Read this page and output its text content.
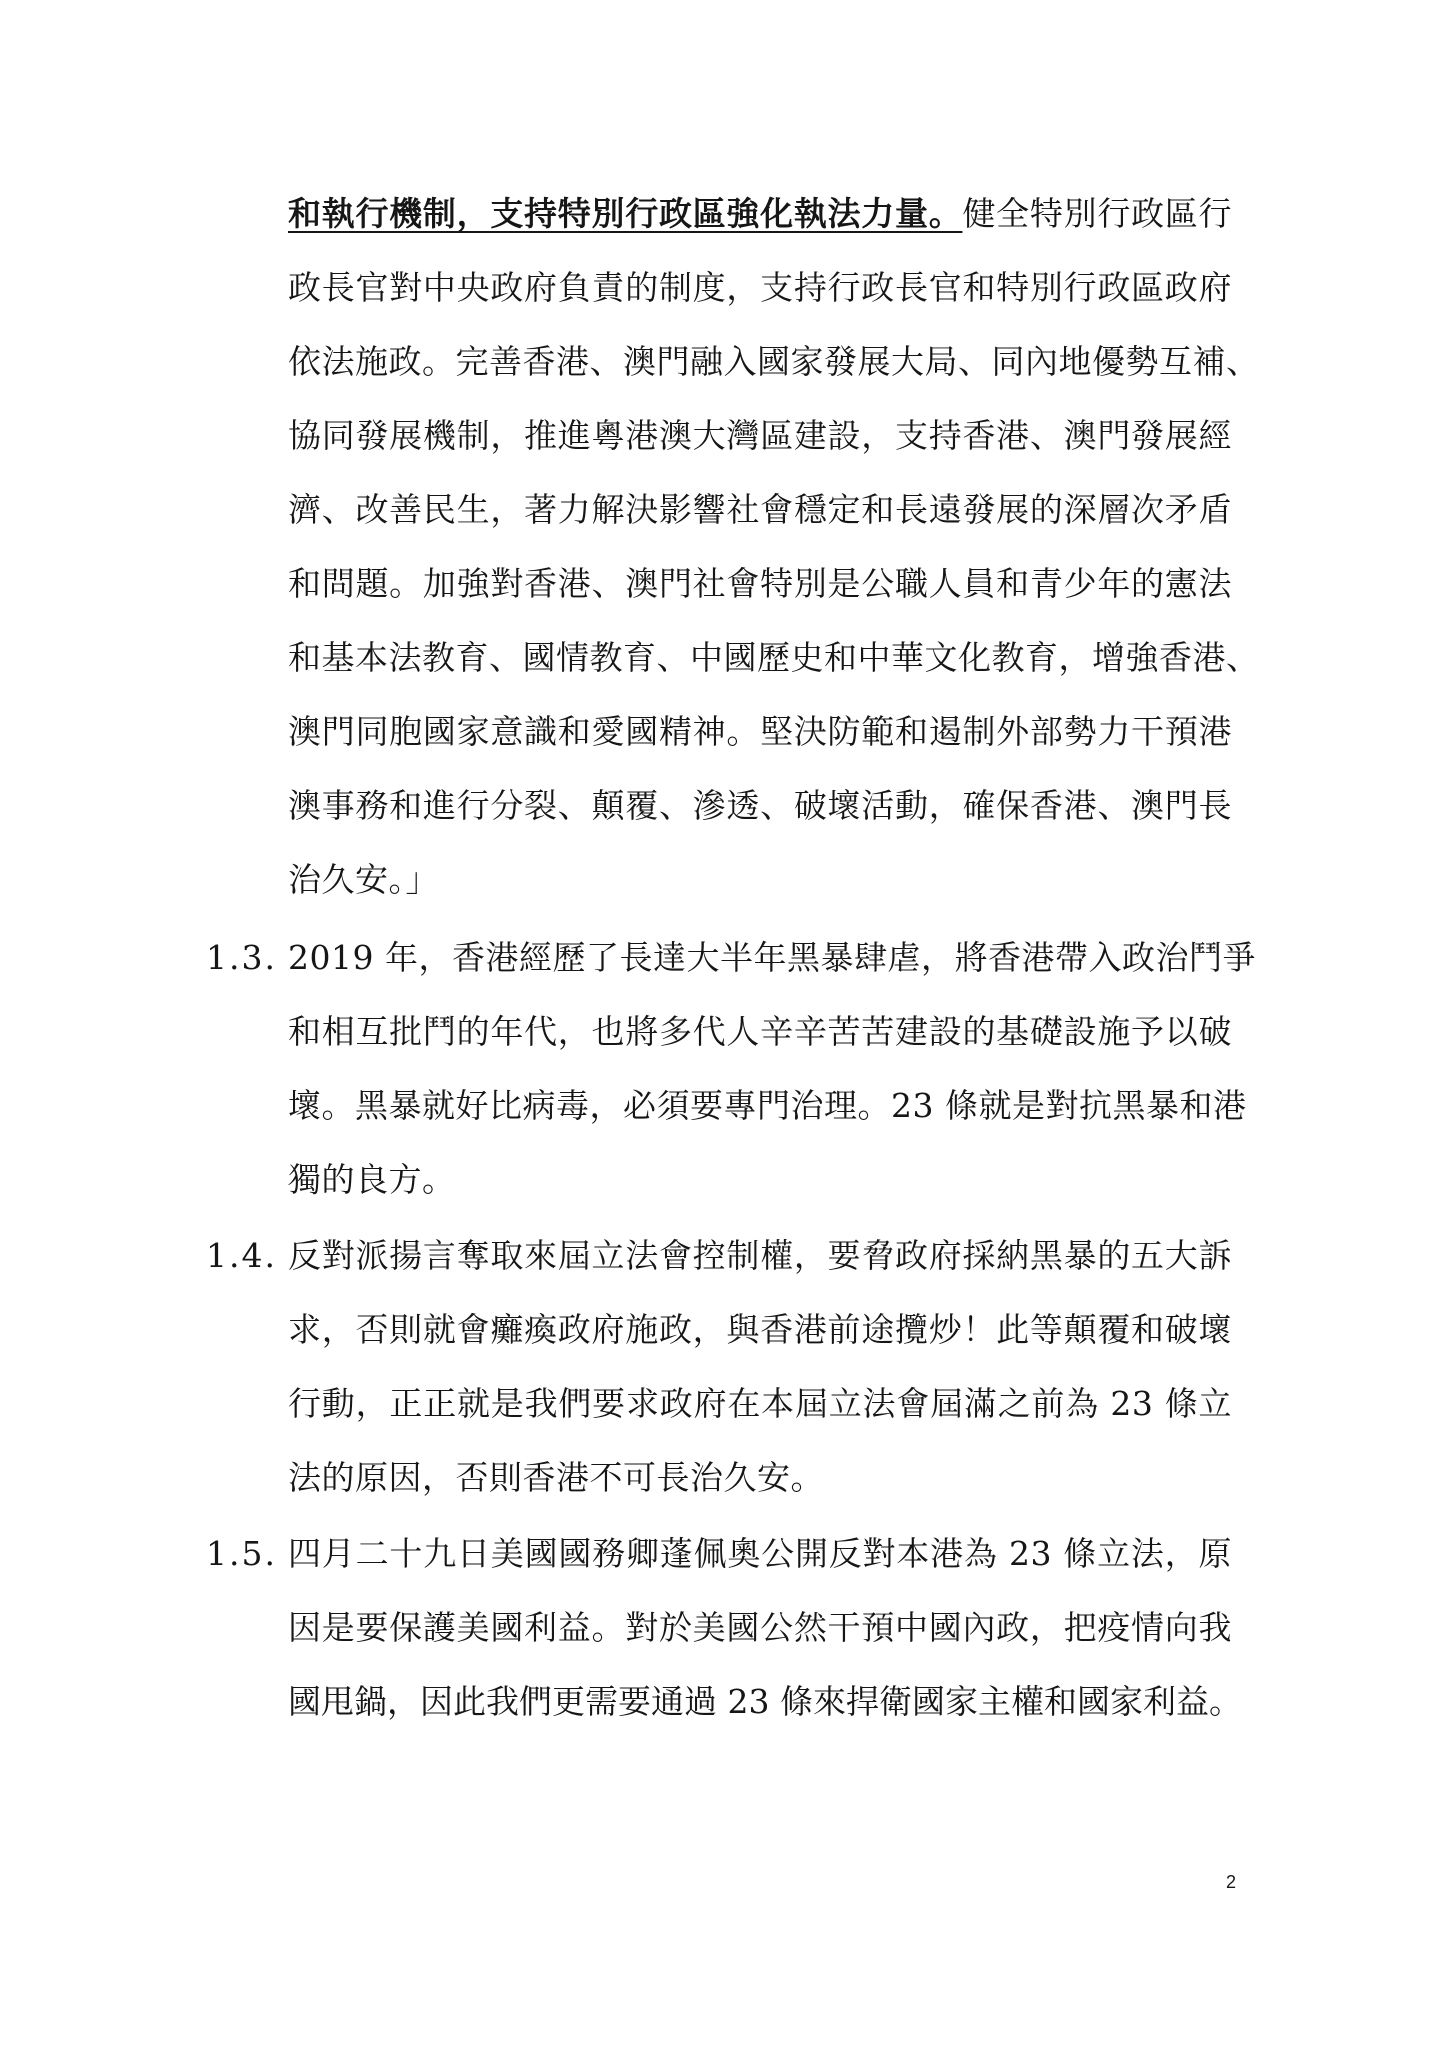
和執行機制，支持特別行政區強化執法力量。健全特別行政區行
政長官對中央政府負責的制度，支持行政長官和特別行政區政府
依法施政。完善香港、澳門融入國家發展大局、同內地優勢互補、
協同發展機制，推進粵港澳大灣區建設，支持香港、澳門發展經
濟、改善民生，著力解決影響社會穩定和長遠發展的深層次矛盾
和問題。加強對香港、澳門社會特別是公職人員和青少年的憲法
和基本法教育、國情教育、中國歷史和中華文化教育，增強香港、
澳門同胞國家意識和愛國精神。堅決防範和遏制外部勢力干預港
澳事務和進行分裂、顛覆、滲透、破壞活動，確保香港、澳門長
治久安。」
1.3. 2019 年，香港經歷了長達大半年黑暴肆虐，將香港帶入政治鬥爭
和相互批鬥的年代，也將多代人辛辛苦苦建設的基礎設施予以破
壞。黑暴就好比病毒，必須要專門治理。23 條就是對抗黑暴和港
獨的良方。
1.4. 反對派揚言奪取來屆立法會控制權，要脅政府採納黑暴的五大訴
求，否則就會癱瘓政府施政，與香港前途攬炒！此等顛覆和破壞
行動，正正就是我們要求政府在本屆立法會屆滿之前為 23 條立
法的原因，否則香港不可長治久安。
1.5. 四月二十九日美國國務卿蓬佩奧公開反對本港為 23 條立法，原
因是要保護美國利益。對於美國公然干預中國內政，把疫情向我
國甩鍋，因此我們更需要通過 23 條來捍衛國家主權和國家利益。
2
